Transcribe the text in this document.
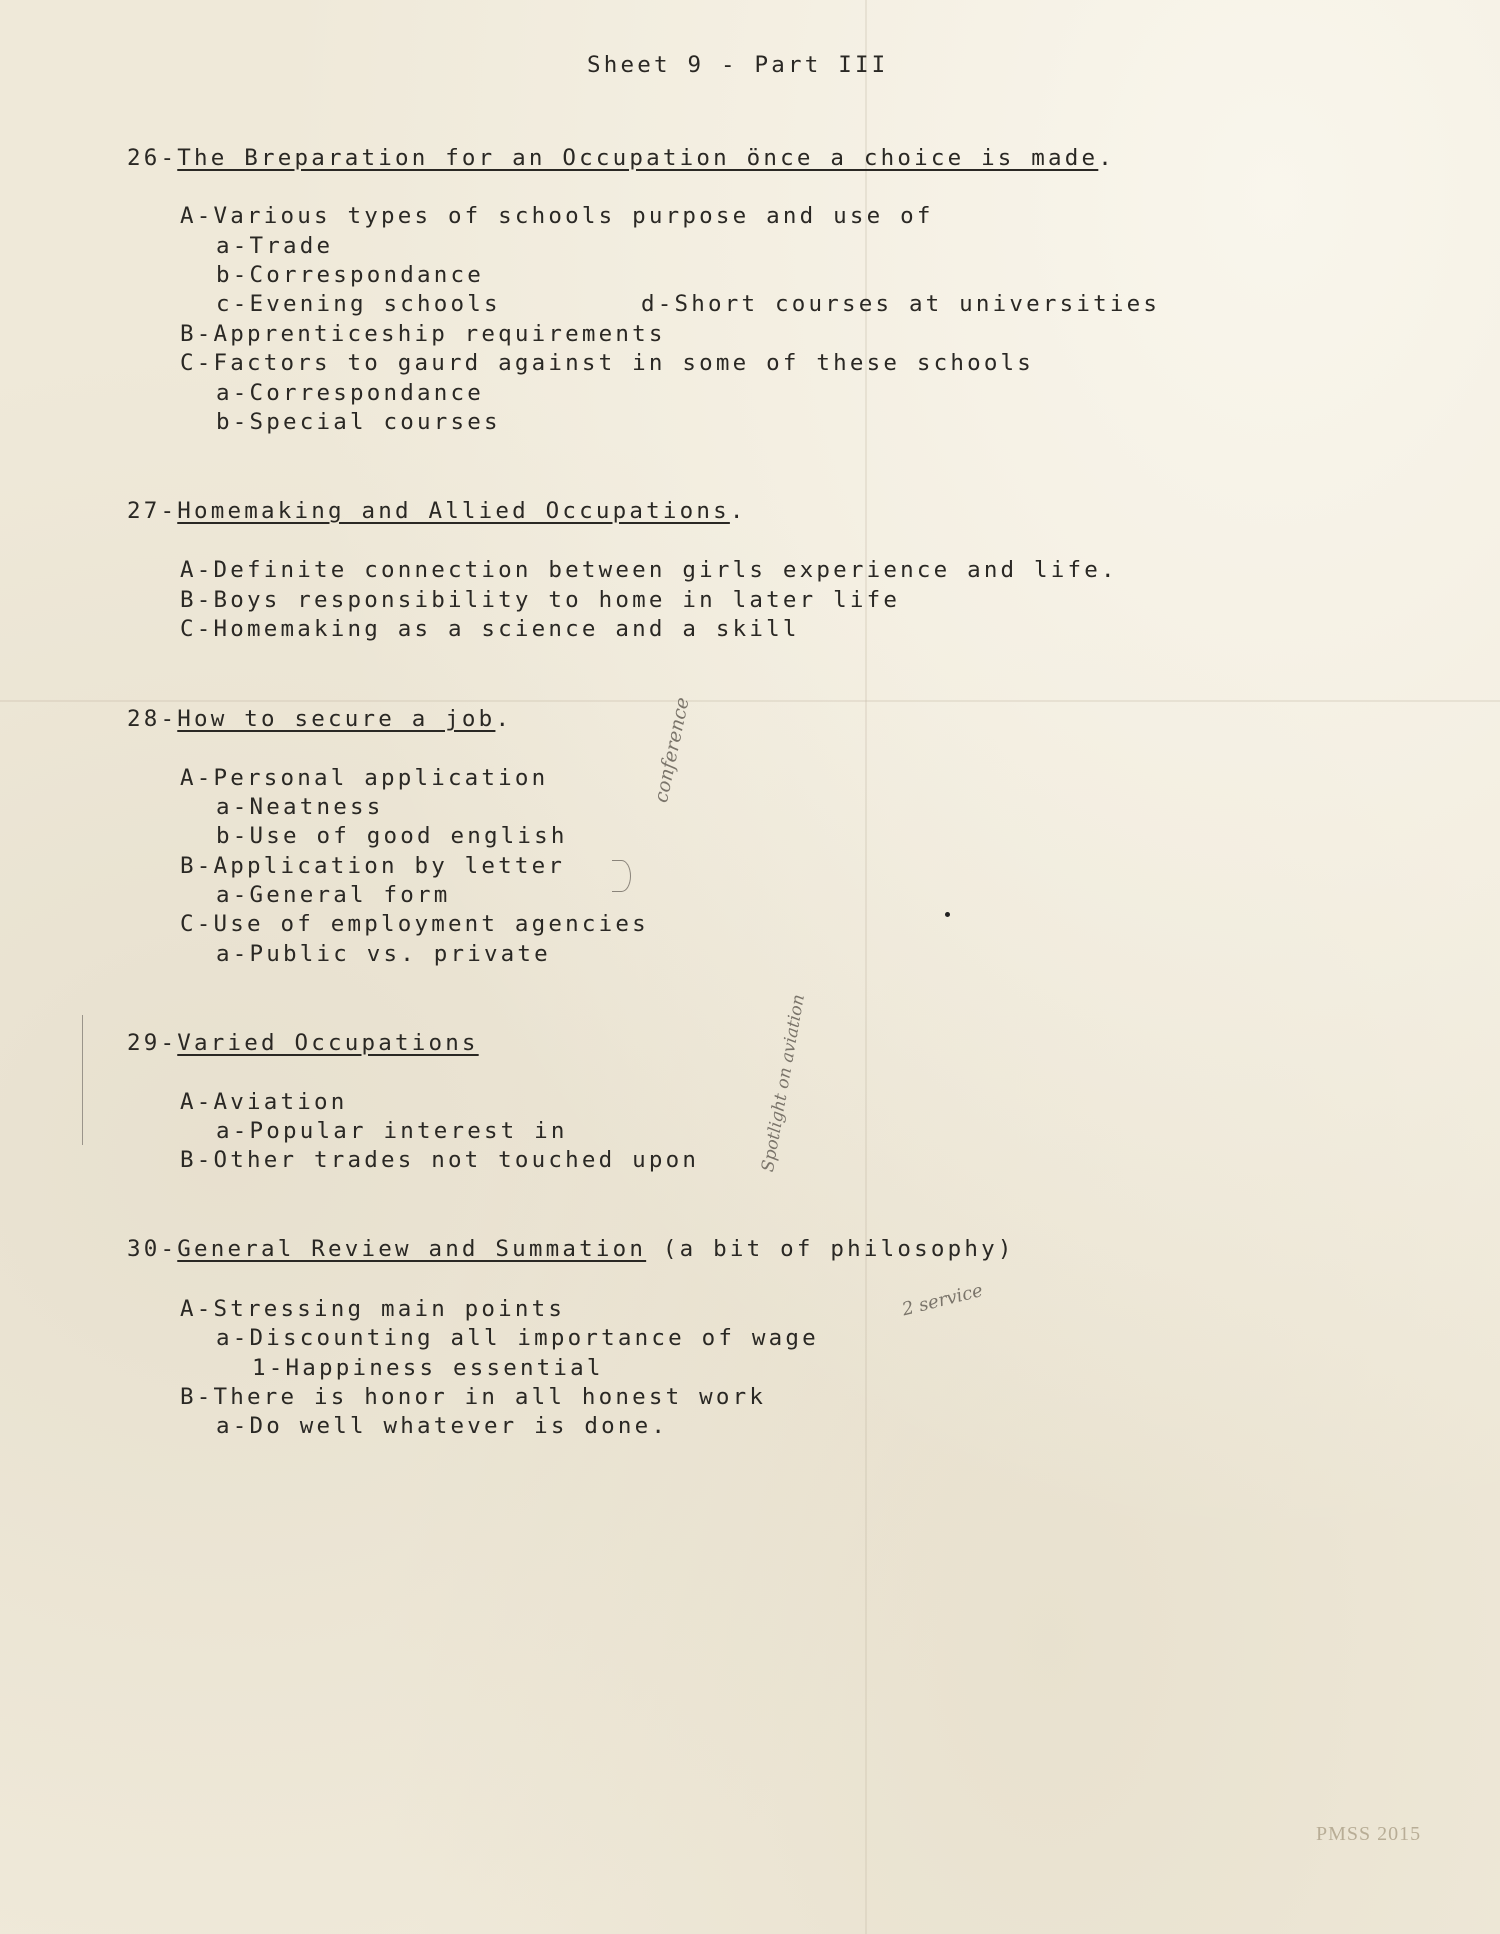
Sheet 9 - Part III
26-The Breparation for an Occupation önce a choice is made.
A-Various types of schools purpose and use of
a-Trade
b-Correspondance
c-Evening schools	d-Short courses at universities
B-Apprenticeship requirements
C-Factors to gaurd against in some of these schools
a-Correspondance
b-Special courses
27-Homemaking and Allied Occupations.
A-Definite connection between girls experience and life.
B-Boys responsibility to home in later life
C-Homemaking as a science and a skill
28-How to secure a job.
A-Personal application
a-Neatness
b-Use of good english
B-Application by letter
a-General form
C-Use of employment agencies
a-Public vs. private
29-Varied Occupations
A-Aviation
a-Popular interest in
B-Other trades not touched upon
30-General Review and Summation (a bit of philosophy)
A-Stressing main points
a-Discounting all importance of wage
1-Happiness essential
B-There is honor in all honest work
a-Do well whatever is done.
conference
Spotlight on aviation
2 service
PMSS 2015
